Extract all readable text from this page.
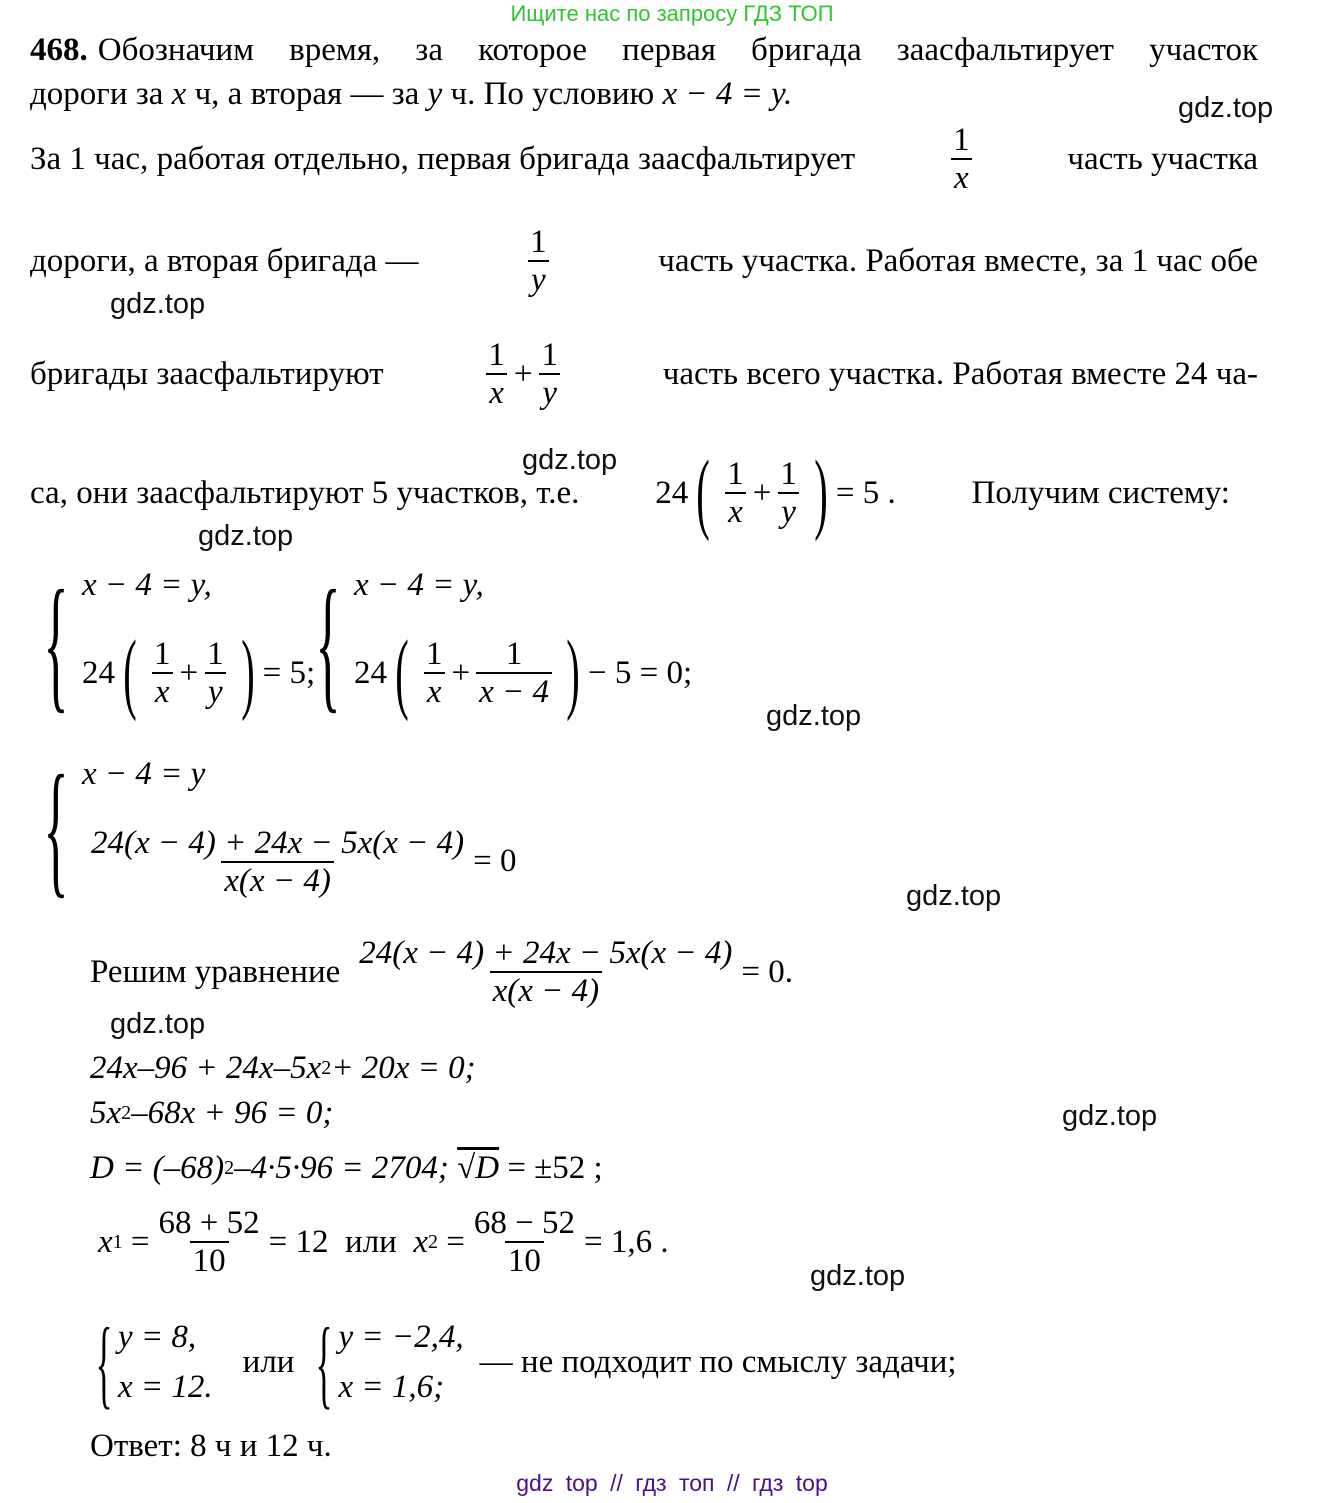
Ищите нас по запросу ГДЗ ТОП
468. Обозначим время, за которое первая бригада заасфальтирует участок
дороги за
x
ч, а вторая — за
y
ч. По условию
x − 4 = y.	gdz.top
За 1 час, работая отдельно, первая бригада заасфальтирует	$\frac{1}{x}$	часть участка
дороги, а вторая бригада —	$\frac{1}{y}$	часть участка. Работая вместе, за 1 час обе
gdz.top
бригады заасфальтируют	$\frac{1}{x} + \frac{1}{y}$	часть всего участка. Работая вместе 24 ча-
gdz.top
са, они заасфальтируют 5 участков, т.е. 24 ( $\frac{1}{x} + \frac{1}{y}$ ) = 5 . Получим систему:
gdz.top
{ x − 4 = y,
24 ( $\frac{1}{x} + \frac{1}{y}$ ) = 5; { x − 4 = y,
24 ( $\frac{1}{x} + \frac{1}{x - 4}$ ) − 5 = 0;
gdz.top
{ x − 4 = y
$\frac{24(x - 4) + 24x - 5x(x - 4)}{x(x - 4)} = 0$
gdz.top
Решим уравнение $\frac{24(x - 4) + 24x - 5x(x - 4)}{x(x - 4)} = 0$.
gdz.top
24x–96 + 24x–5x 2 + 20x = 0;
5x 2 –68x + 96 = 0;	gdz.top
D = (–68) 2 –4·5·96 = 2704;
√D
= ±52 ;
x 1
= $\frac{68 + 52}{10} = 12$
или
x 2
= $\frac{68 - 52}{10} = 1,6$ .
gdz.top
{ y = 8,
x = 12.
или { y = −2,4,
x = 1,6;
— не подходит по смыслу задачи;
Ответ: 8 ч и 12 ч.
gdz top // гдз топ // гдз top
